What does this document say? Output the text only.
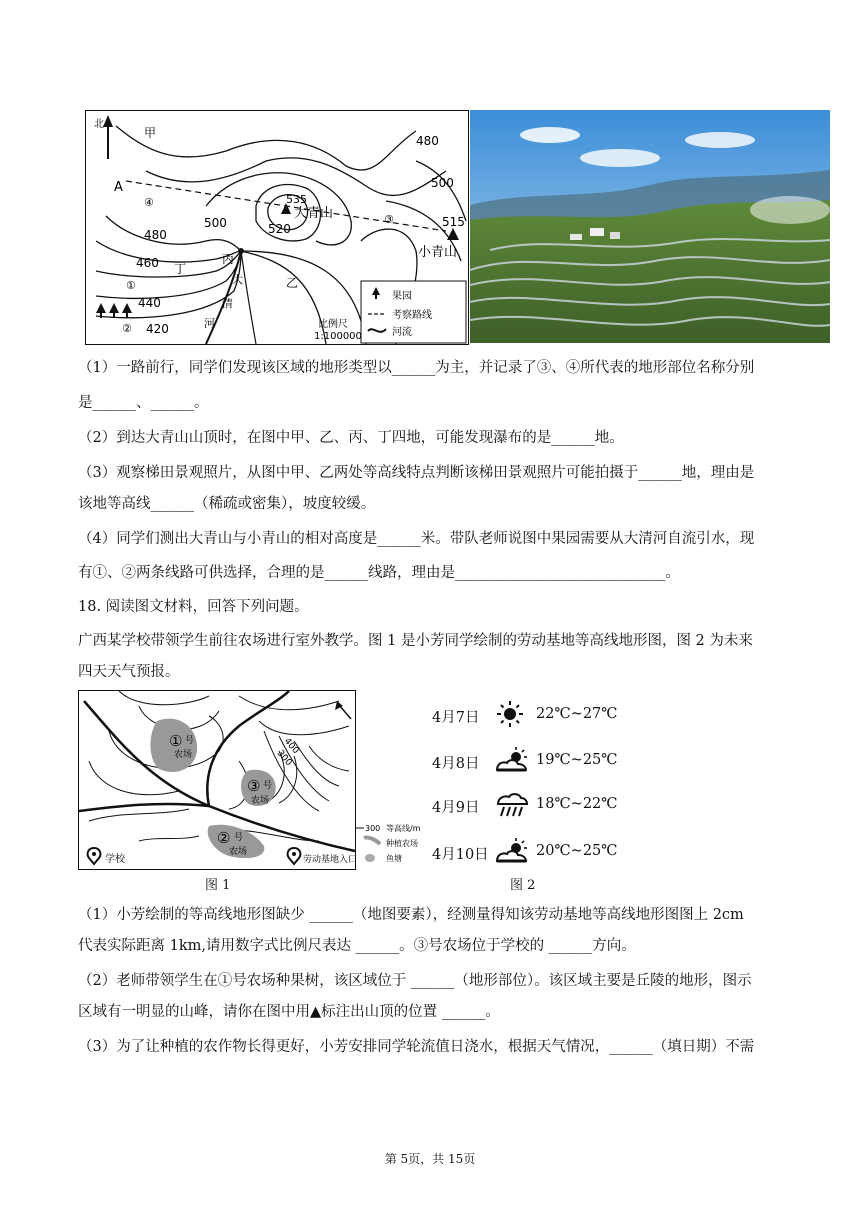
北
甲
A
④
③
480
500
515
535
大青山
520
500
480
460 丁
丙
乙
小青山
①
440
② 420
大
清
河
果园
考察路线
河流
比例尺
1:100000
（1）一路前行，同学们发现该区域的地形类型以______为主，并记录了③、④所代表的地形部位名称分别
是______、______。
（2）到达大青山山顶时，在图中甲、乙、丙、丁四地，可能发现瀑布的是______地。
（3）观察梯田景观照片，从图中甲、乙两处等高线特点判断该梯田景观照片可能拍摄于______地，理由是
该地等高线______（稀疏或密集），坡度较缓。
（4）同学们测出大青山与小青山的相对高度是______米。带队老师说图中果园需要从大清河自流引水，现
有①、②两条线路可供选择，合理的是______线路，理由是_____________________________。
18. 阅读图文材料，回答下列问题。
广西某学校带领学生前往农场进行室外教学。图 1 是小芳同学绘制的劳动基地等高线地形图，图 2 为未来
四天天气预报。
① 号
农场
③ 号
农场
② 号
农场
400
300
学校	劳动基地入口
300 等高线/m
种植农场
鱼塘
图 1
4月7日	22℃~27℃
4月8日	19℃~25℃
4月9日	18℃~22℃
4月10日	20℃~25℃
图 2
（1）小芳绘制的等高线地形图缺少 ______（地图要素），经测量得知该劳动基地等高线地形图图上 2cm
代表实际距离 1km,请用数字式比例尺表达 ______。③号农场位于学校的 ______方向。
（2）老师带领学生在①号农场种果树，该区域位于 ______（地形部位）。该区域主要是丘陵的地形，图示
区域有一明显的山峰，请你在图中用▲标注出山顶的位置 ______。
（3）为了让种植的农作物长得更好，小芳安排同学轮流值日浇水，根据天气情况，______（填日期）不需
第 5页，共 15页
